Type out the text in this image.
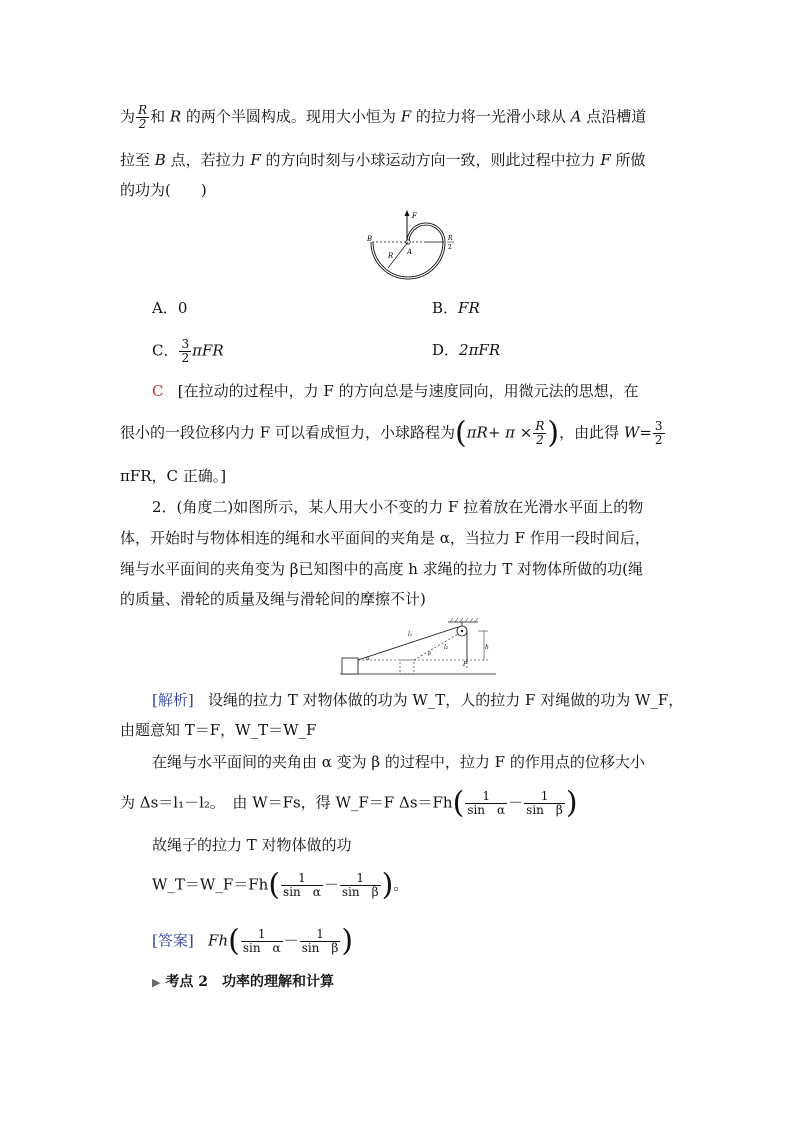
为 $\frac{R}{2}$ 和 R 的两个半圆构成。现用大小恒为 F 的拉力将一光滑小球从 A 点沿槽道
拉至 B 点，若拉力 F 的方向时刻与小球运动方向一致，则此过程中拉力 F 所做
的功为(　　)
F
B
A
R
R
2
A．0	B．FR
C． $\frac{3}{2}$ πFR	D．2πFR
C [在拉动的过程中，力 F 的方向总是与速度同向，用微元法的思想，在
很小的一段位移内力 F 可以看成恒力，小球路程为($\pi R+ \pi \times \frac{R}{2}$ )，由此得 $W= \frac{3}{2}$
πFR，C 正确。]
2．(角度二)如图所示，某人用大小不变的力 F 拉着放在光滑水平面上的物
体，开始时与物体相连的绳和水平面间的夹角是 α，当拉力 F 作用一段时间后，
绳与水平面间的夹角变为 β已知图中的高度 h 求绳的拉力 T 对物体所做的功(绳
的质量、滑轮的质量及绳与滑轮间的摩擦不计)
h
l₁
l₂
F
α
β
[解析] 设绳的拉力 T 对物体做的功为 W_T，人的拉力 F 对绳做的功为 W_F，
由题意知 T＝F，W_T＝W_F
在绳与水平面间的夹角由 α 变为 β 的过程中，拉力 F 的作用点的位移大小
为 Δs＝l₁－l₂。　由 W＝Fs，得 W_F＝F $\Delta s=Fh( \frac{1}{\text{sin　α}} - \frac{1}{\text{sin　β}}$ )
故绳子的拉力 T 对物体做的功
W_T＝W_F＝Fh( $\frac{1}{\text{sin　α}} - \frac{1}{\text{sin　β}}$ )。
[答案] $Fh( \frac{1}{\text{sin　α}} - \frac{1}{\text{sin　β}}$ )
▶ 考点 2　功率的理解和计算
